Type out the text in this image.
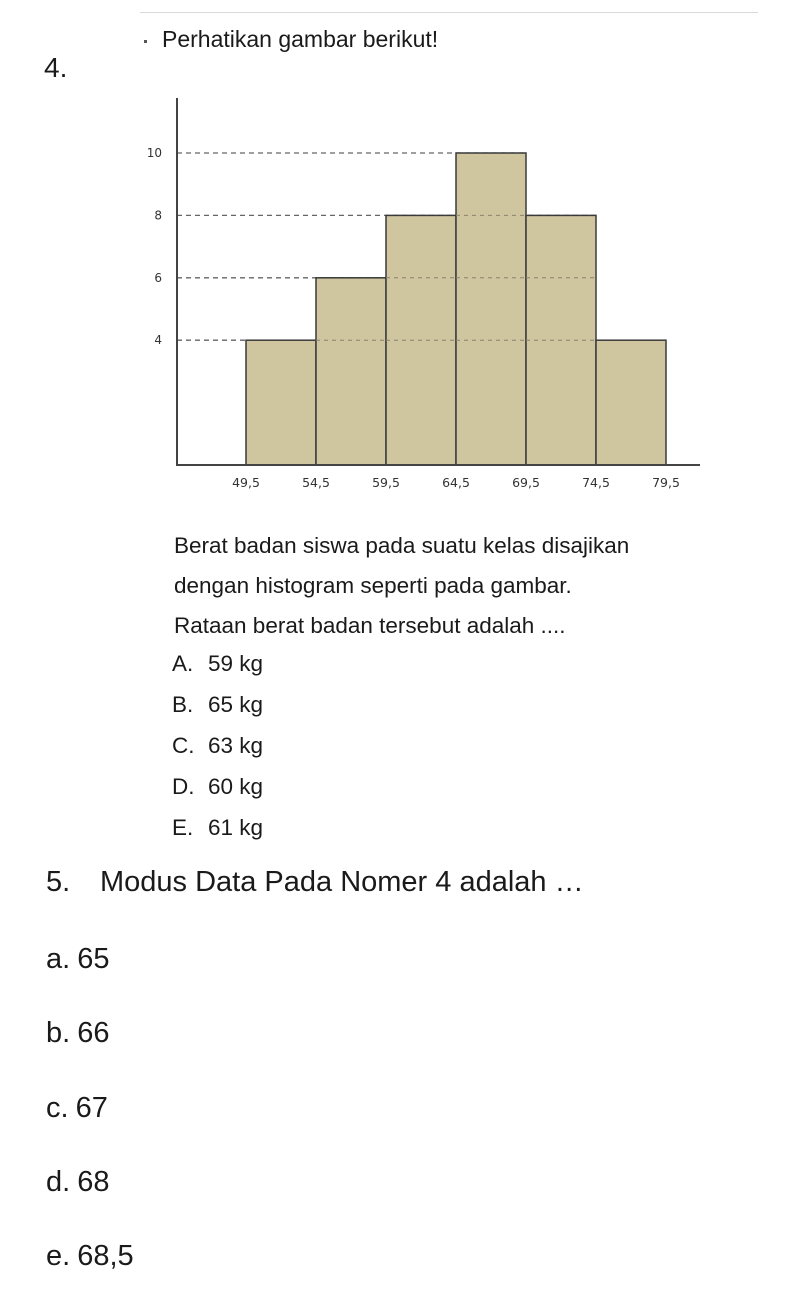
4.
Perhatikan gambar berikut!
4
6
8
10
49,5	54,5	59,5	64,5	69,5	74,5	79,5
Berat badan siswa pada suatu kelas disajikan
dengan histogram seperti pada gambar.
Rataan berat badan tersebut adalah ....
A. 59 kg
B. 65 kg
C. 63 kg
D. 60 kg
E. 61 kg
5. Modus Data Pada Nomer 4 adalah …
a. 65
b. 66
c. 67
d. 68
e. 68,5
